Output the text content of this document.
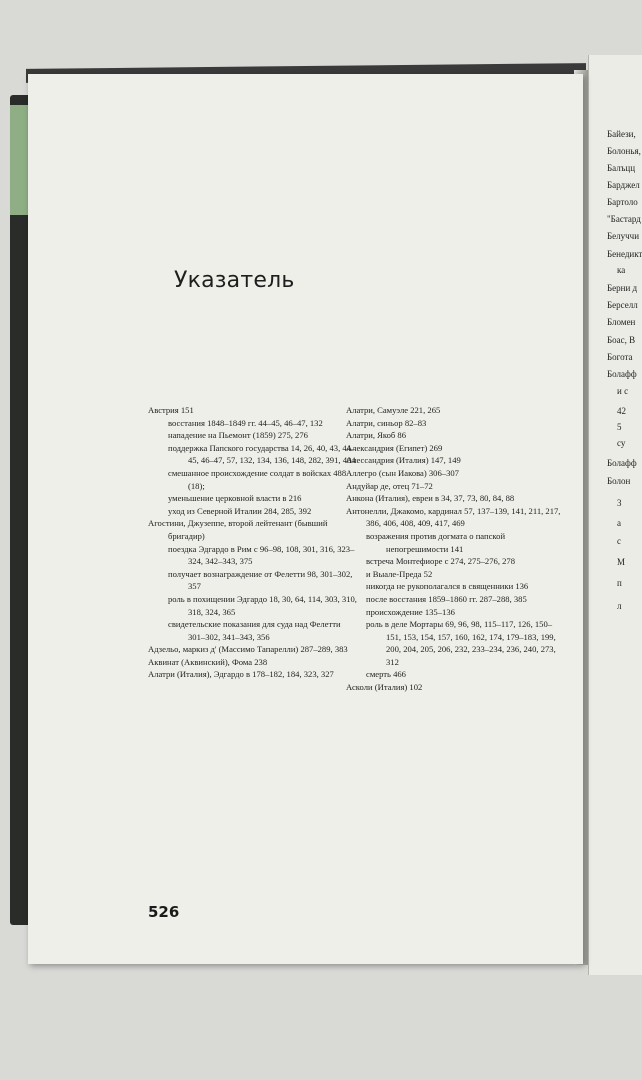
Байези,
Болонья,
Балъцц
Барджел
Бартоло
"Бастард
Белуччи
Бенедикт
ка
Берни д
Берселл
Бломен
Боас, В
Богота
Болафф
и с
42
5
су
Болафф
Болон
3
а
с
М
п
л
Указатель
Австрия 151
восстания 1848–1849 гг. 44–45, 46–47, 132
нападение на Пьемонт (1859) 275, 276
поддержка Папского государства 14, 26, 40, 43, 44–45, 46–47, 57, 132, 134, 136, 148, 282, 391, 404
смешанное происхождение солдат в войсках 488 (18);
уменьшение церковной власти в 216
уход из Северной Италии 284, 285, 392
Агостини, Джузеппе, второй лейтенант (бывший бригадир)
поездка Эдгардо в Рим с 96–98, 108, 301, 316, 323–324, 342–343, 375
получает вознаграждение от Фелетти 98, 301–302, 357
роль в похищении Эдгардо 18, 30, 64, 114, 303, 310, 318, 324, 365
свидетельские показания для суда над Фелетти 301–302, 341–343, 356
Адзельо, маркиз д' (Массимо Тапарелли) 287–289, 383
Аквинат (Аквинский), Фома 238
Алатри (Италия), Эдгардо в 178–182, 184, 323, 327
Алатри, Самуэле 221, 265
Алатри, синьор 82–83
Алатри, Якоб 86
Александрия (Египет) 269
Алессандрия (Италия) 147, 149
Аллегро (сын Иакова) 306–307
Андуйар де, отец 71–72
Анкона (Италия), евреи в 34, 37, 73, 80, 84, 88
Антонелли, Джакомо, кардинал 57, 137–139, 141, 211, 217, 386, 406, 408, 409, 417, 469
возражения против догмата о папской непогрешимости 141
встреча Монтефиоре с 274, 275–276, 278
и Выале-Преда 52
никогда не рукополагался в священники 136
после восстания 1859–1860 гг. 287–288, 385
происхождение 135–136
роль в деле Мортары 69, 96, 98, 115–117, 126, 150–151, 153, 154, 157, 160, 162, 174, 179–183, 199, 200, 204, 205, 206, 232, 233–234, 236, 240, 273, 312
смерть 466
Асколи (Италия) 102
526
